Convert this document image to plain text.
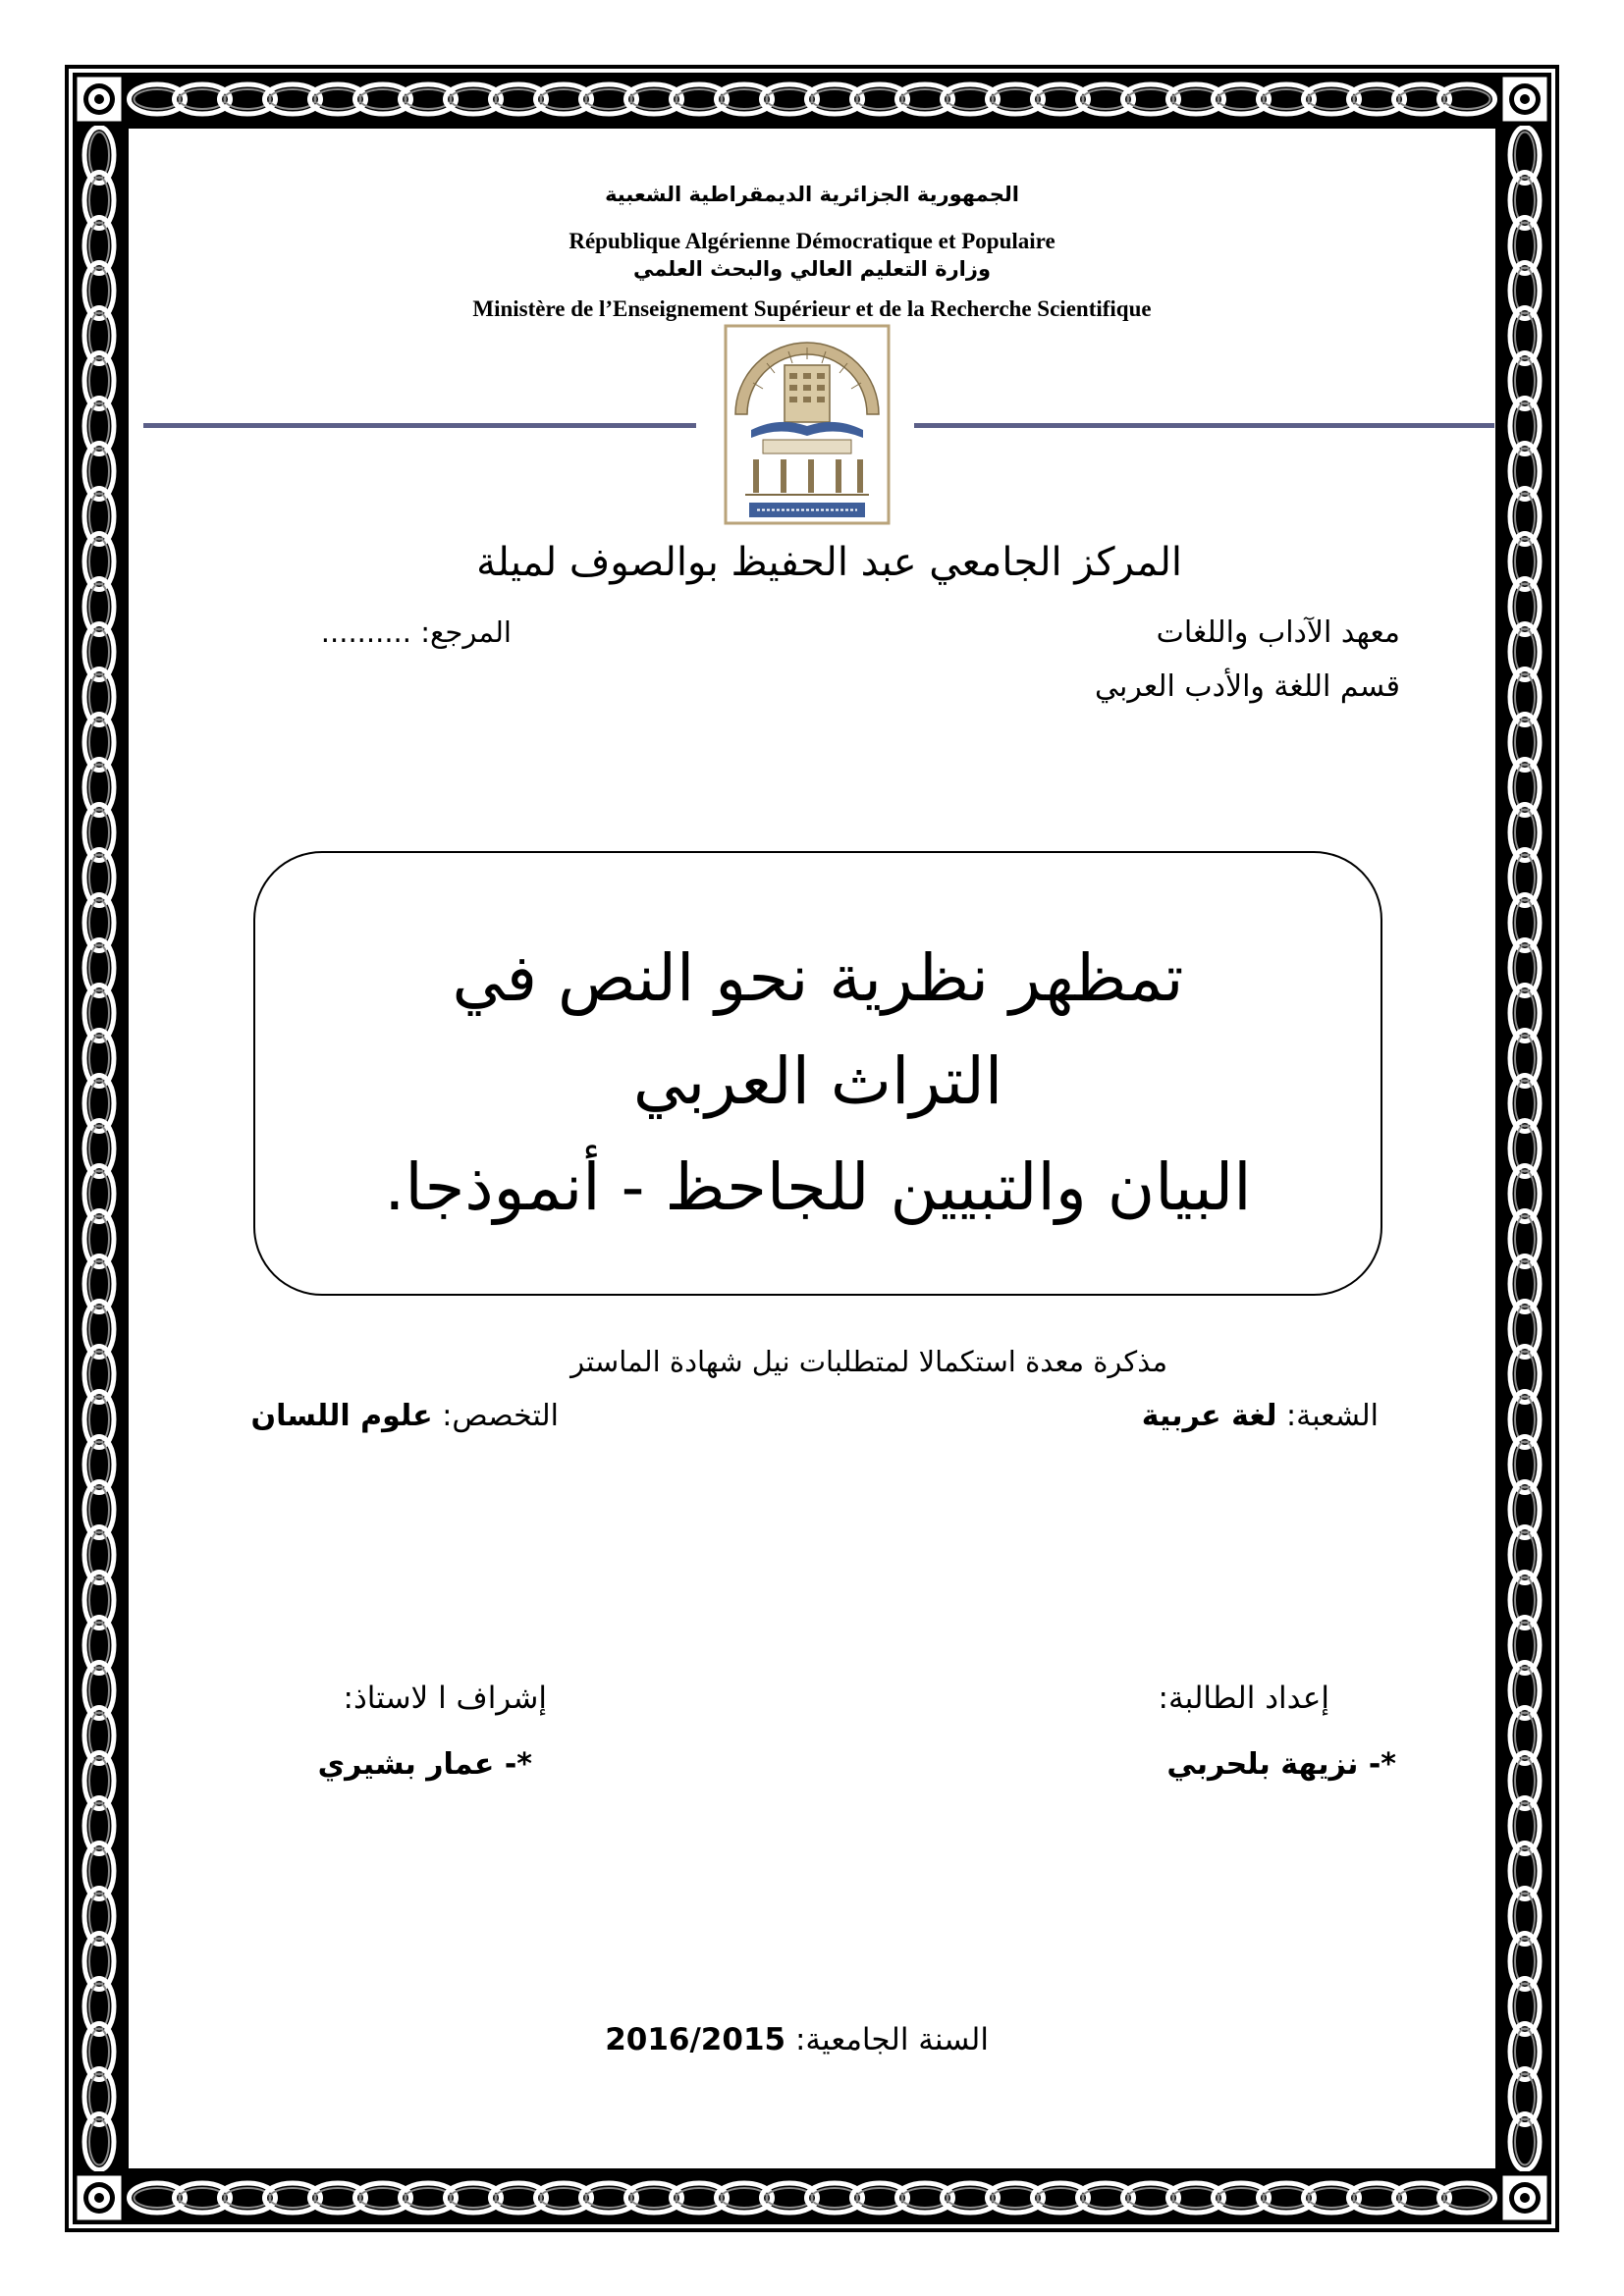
الجمهورية الجزائرية الديمقراطية الشعبية
République Algérienne Démocratique et Populaire
وزارة التعليم العالي والبحث العلمي
Ministère de l’Enseignement Supérieur et de la Recherche Scientifique
المركز الجامعي عبد الحفيظ بوالصوف لميلة
معهد الآداب واللغات
المرجع: ..........
قسم اللغة والأدب العربي
تمظهر نظرية نحو النص في
التراث العربي
البيان والتبيين للجاحظ - أنموذجا.
مذكرة معدة استكمالا لمتطلبات نيل شهادة الماستر
الشعبة: لغة عربية
التخصص: علوم اللسان
إعداد الطالبة:
*- نزيهة بلحربي
إشراف ا لاستاذ:
*- عمار بشيري
السنة الجامعية: 2016/2015
